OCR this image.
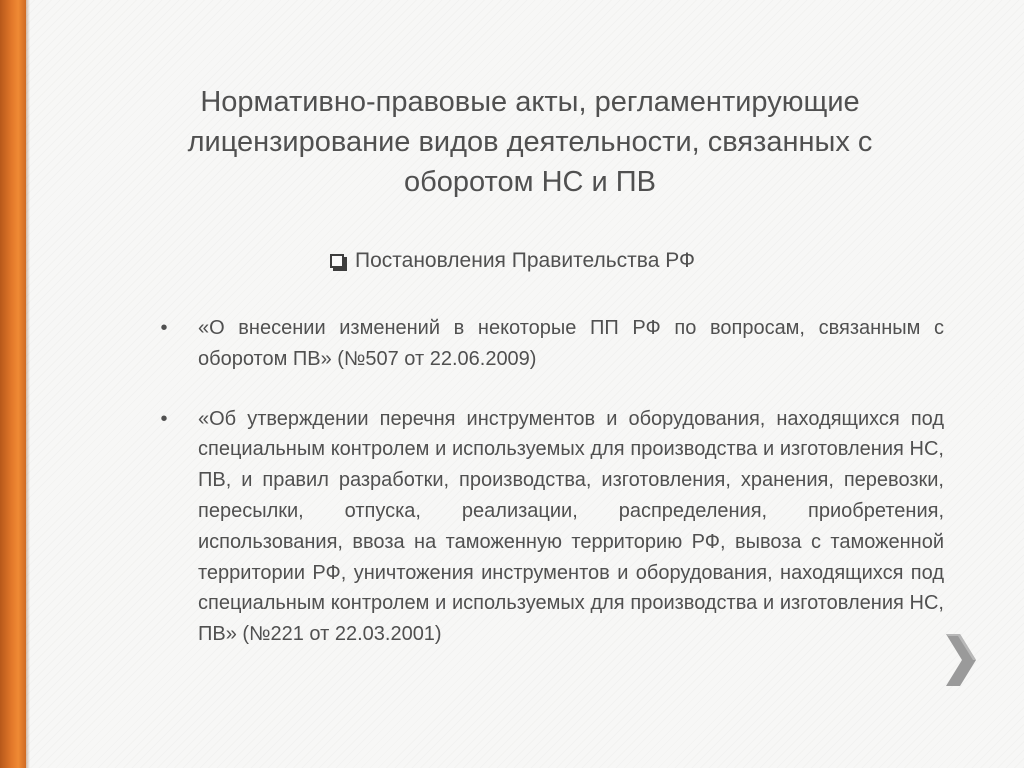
Нормативно-правовые акты, регламентирующие лицензирование видов деятельности, связанных с оборотом НС и ПВ
Постановления Правительства РФ
• «О внесении изменений в некоторые ПП РФ по вопросам, связанным с оборотом ПВ» (№507 от 22.06.2009)
• «Об утверждении перечня инструментов и оборудования, находящихся под специальным контролем и используемых для производства и изготовления НС, ПВ, и правил разработки, производства, изготовления, хранения, перевозки, пересылки, отпуска, реализации, распределения, приобретения, использования, ввоза на таможенную территорию РФ, вывоза с таможенной территории РФ, уничтожения инструментов и оборудования, находящихся под специальным контролем и используемых для производства и изготовления НС, ПВ» (№221 от 22.03.2001)
